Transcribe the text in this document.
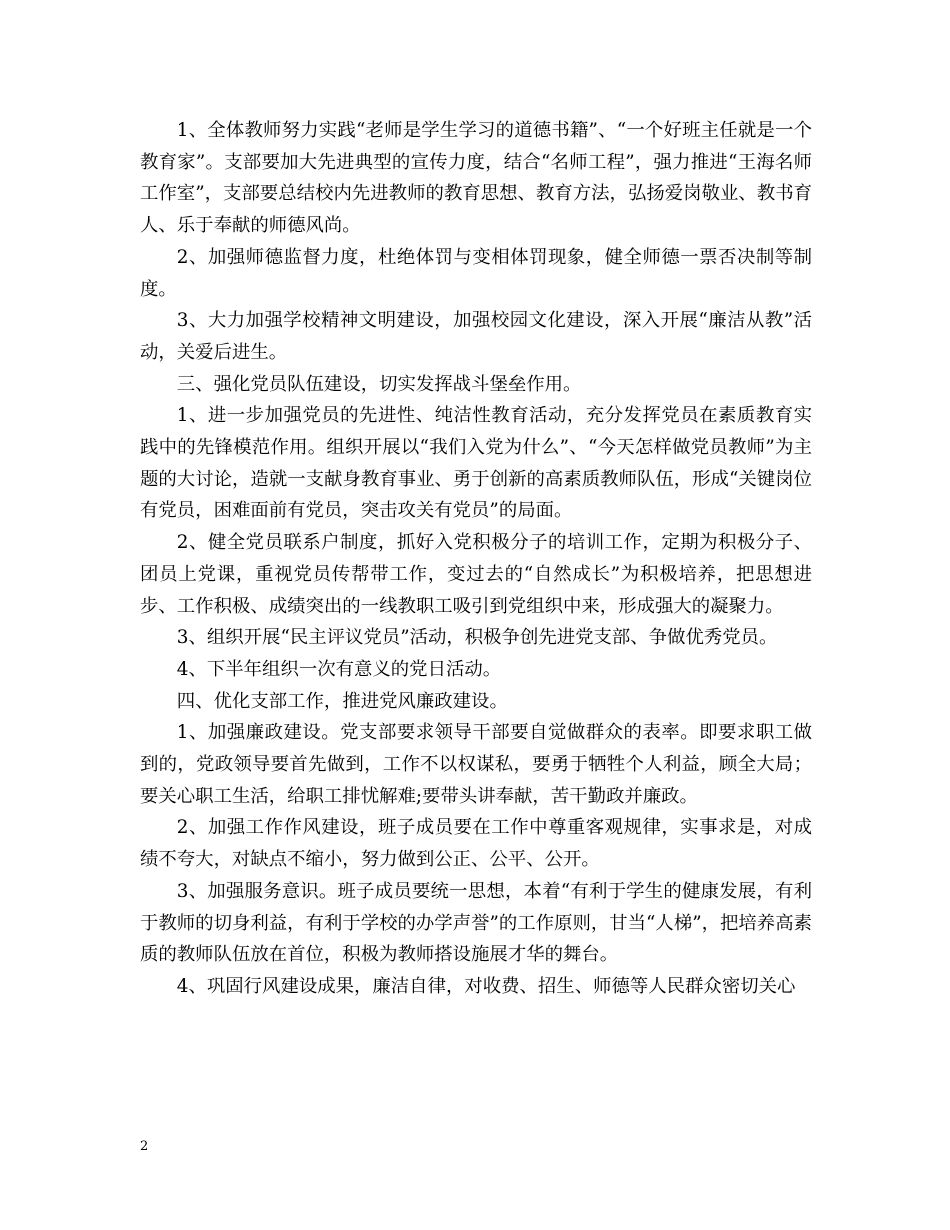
1、全体教师努力实践“老师是学生学习的道德书籍”、“一个好班主任就是一个教育家”。支部要加大先进典型的宣传力度，结合“名师工程”，强力推进“王海名师工作室”，支部要总结校内先进教师的教育思想、教育方法，弘扬爱岗敬业、教书育人、乐于奉献的师德风尚。

2、加强师德监督力度，杜绝体罚与变相体罚现象，健全师德一票否决制等制度。

3、大力加强学校精神文明建设，加强校园文化建设，深入开展“廉洁从教”活动，关爱后进生。

三、强化党员队伍建设，切实发挥战斗堡垒作用。

1、进一步加强党员的先进性、纯洁性教育活动，充分发挥党员在素质教育实践中的先锋模范作用。组织开展以“我们入党为什么”、“今天怎样做党员教师”为主题的大讨论，造就一支献身教育事业、勇于创新的高素质教师队伍，形成“关键岗位有党员，困难面前有党员，突击攻关有党员”的局面。

2、健全党员联系户制度，抓好入党积极分子的培训工作，定期为积极分子、团员上党课，重视党员传帮带工作，变过去的“自然成长”为积极培养，把思想进步、工作积极、成绩突出的一线教职工吸引到党组织中来，形成强大的凝聚力。

3、组织开展“民主评议党员”活动，积极争创先进党支部、争做优秀党员。

4、下半年组织一次有意义的党日活动。

四、优化支部工作，推进党风廉政建设。

1、加强廉政建设。党支部要求领导干部要自觉做群众的表率。即要求职工做到的，党政领导要首先做到，工作不以权谋私，要勇于牺牲个人利益，顾全大局；要关心职工生活，给职工排忧解难;要带头讲奉献，苦干勤政并廉政。

2、加强工作作风建设，班子成员要在工作中尊重客观规律，实事求是，对成绩不夸大，对缺点不缩小，努力做到公正、公平、公开。

3、加强服务意识。班子成员要统一思想，本着“有利于学生的健康发展，有利于教师的切身利益，有利于学校的办学声誉”的工作原则，甘当“人梯”，把培养高素质的教师队伍放在首位，积极为教师搭设施展才华的舞台。

4、巩固行风建设成果，廉洁自律，对收费、招生、师德等人民群众密切关心

2
